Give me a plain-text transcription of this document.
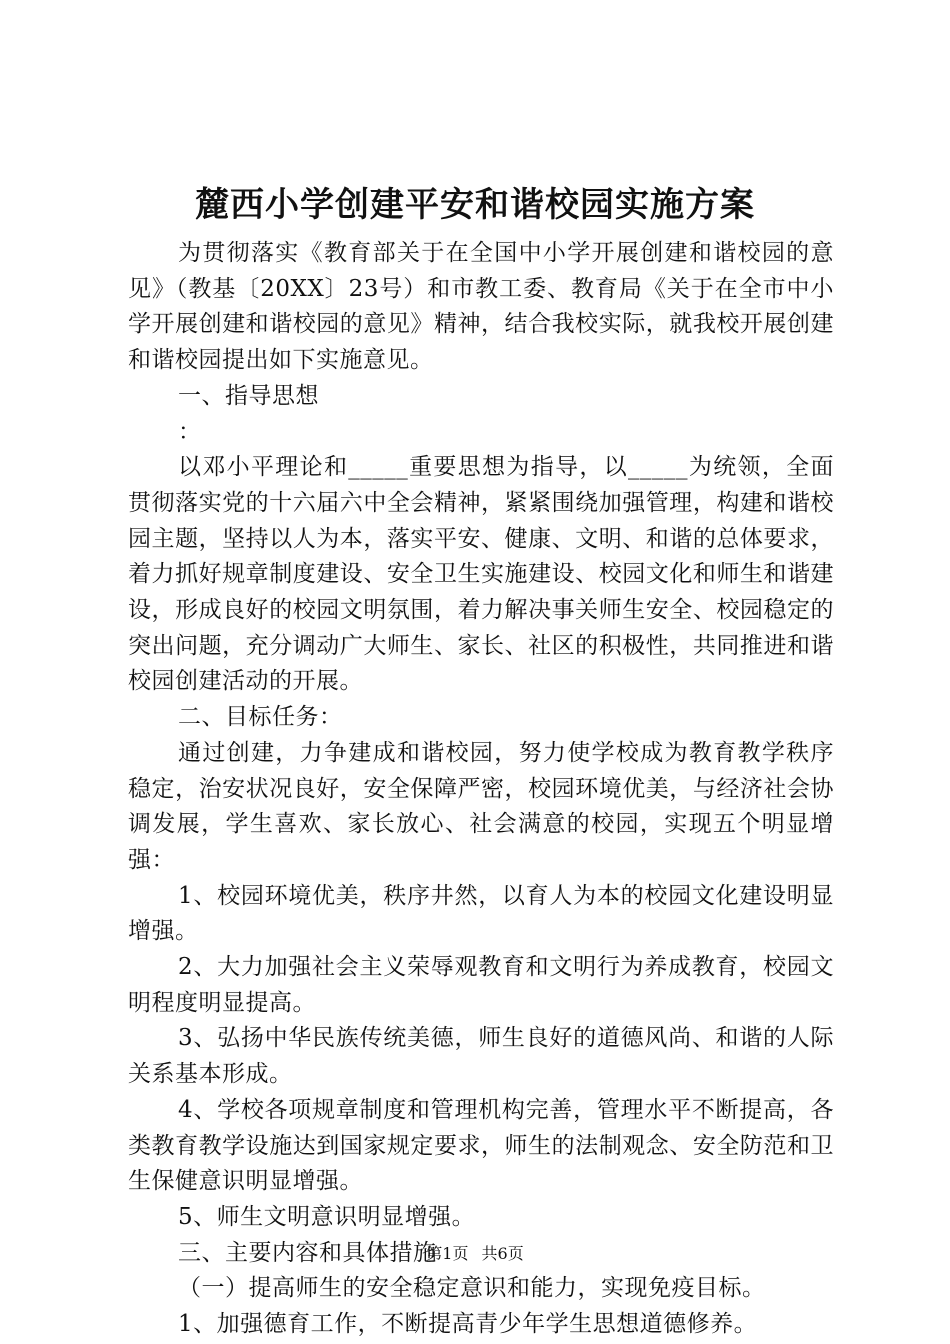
麓西小学创建平安和谐校园实施方案

为贯彻落实《教育部关于在全国中小学开展创建和谐校园的意见》（教基〔20XX〕23号）和市教工委、教育局《关于在全市中小学开展创建和谐校园的意见》精神，结合我校实际，就我校开展创建和谐校园提出如下实施意见。

一、指导思想

：

以邓小平理论和_____重要思想为指导，以_____为统领，全面贯彻落实党的十六届六中全会精神，紧紧围绕加强管理，构建和谐校园主题，坚持以人为本，落实平安、健康、文明、和谐的总体要求，着力抓好规章制度建设、安全卫生实施建设、校园文化和师生和谐建设，形成良好的校园文明氛围，着力解决事关师生安全、校园稳定的突出问题，充分调动广大师生、家长、社区的积极性，共同推进和谐校园创建活动的开展。

二、目标任务：

通过创建，力争建成和谐校园，努力使学校成为教育教学秩序稳定，治安状况良好，安全保障严密，校园环境优美，与经济社会协调发展，学生喜欢、家长放心、社会满意的校园，实现五个明显增强：

1、校园环境优美，秩序井然，以育人为本的校园文化建设明显增强。

2、大力加强社会主义荣辱观教育和文明行为养成教育，校园文明程度明显提高。

3、弘扬中华民族传统美德，师生良好的道德风尚、和谐的人际关系基本形成。

4、学校各项规章制度和管理机构完善，管理水平不断提高，各类教育教学设施达到国家规定要求，师生的法制观念、安全防范和卫生保健意识明显增强。

5、师生文明意识明显增强。

三、主要内容和具体措施

（一）提高师生的安全稳定意识和能力，实现免疫目标。

1、加强德育工作，不断提高青少年学生思想道德修养。

第1页 共6页
